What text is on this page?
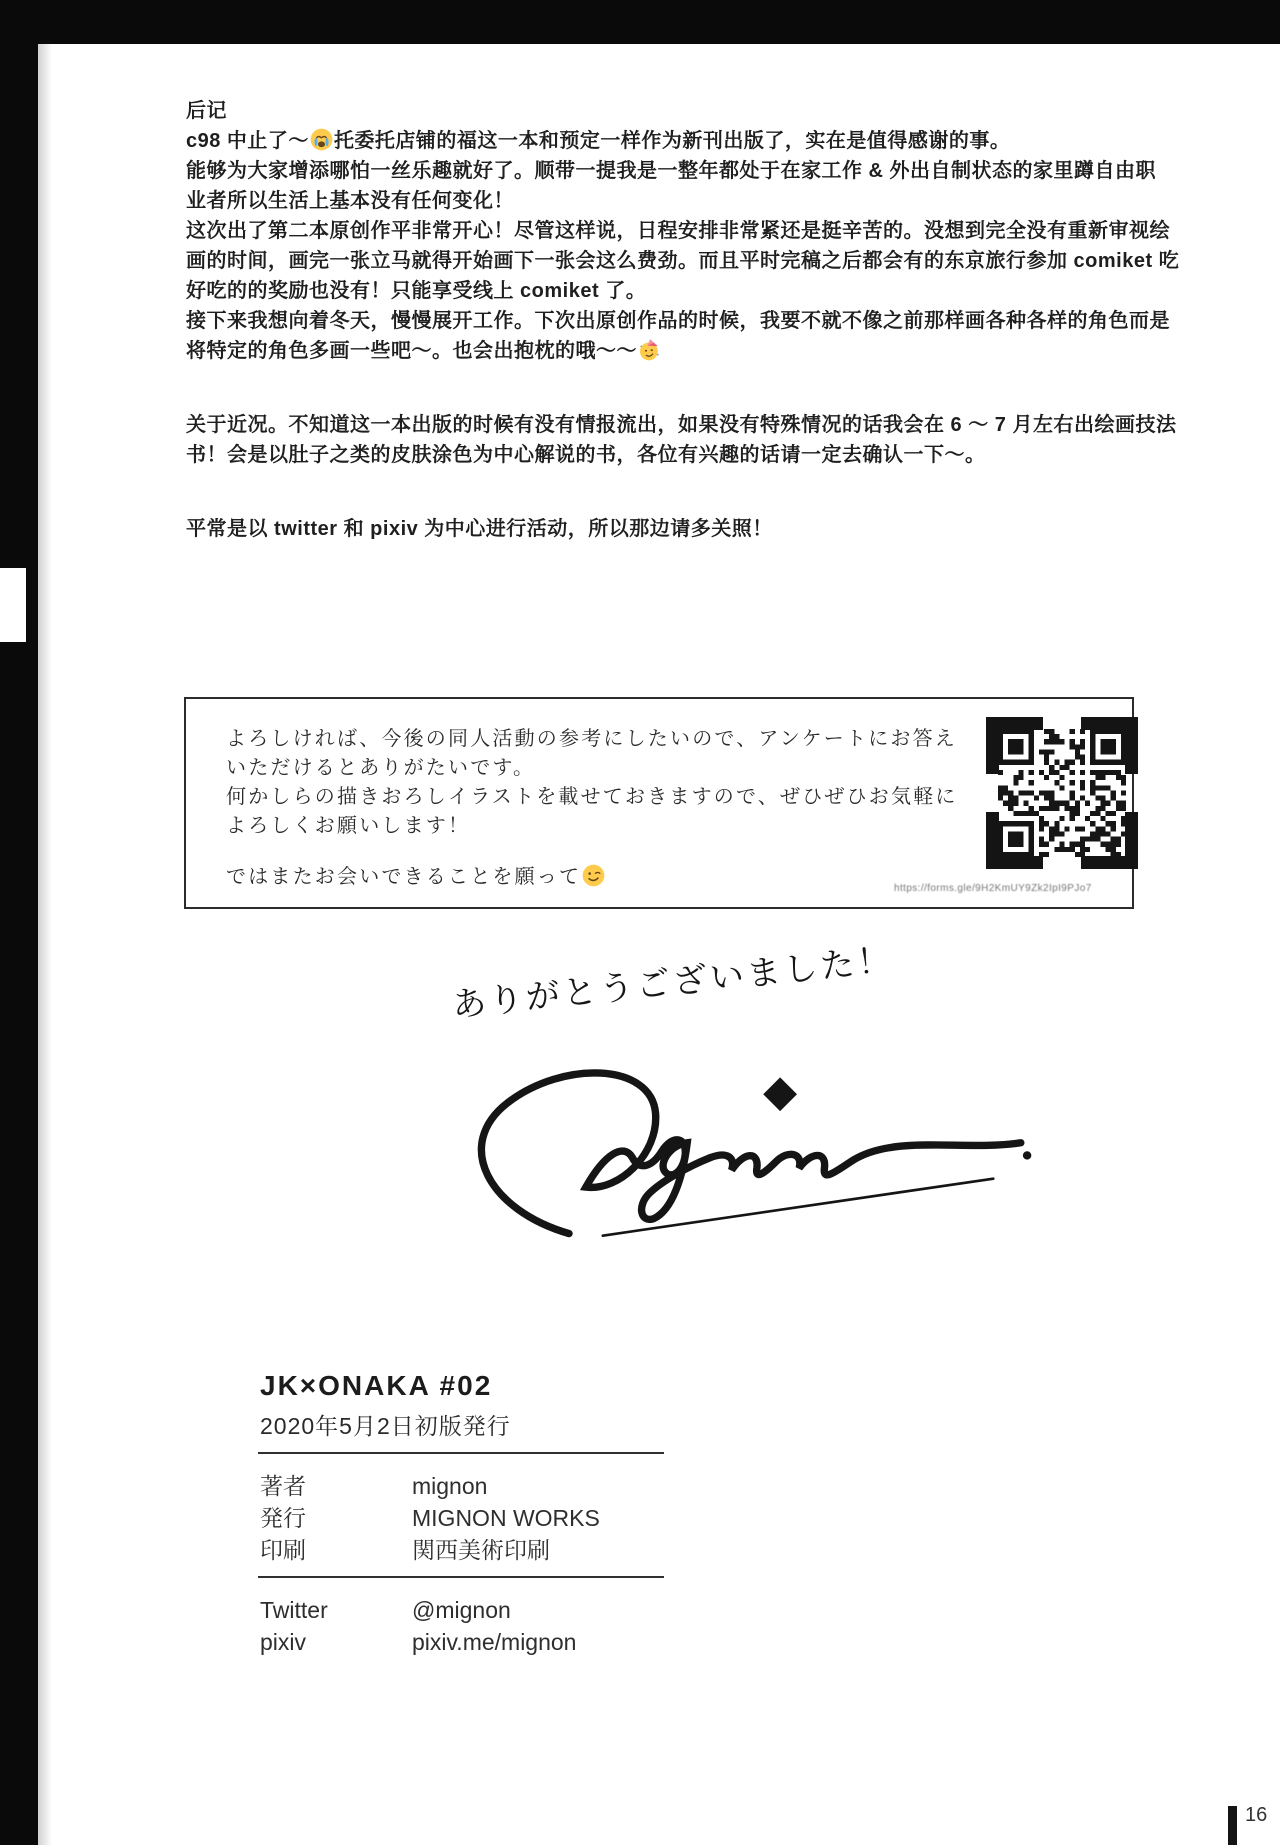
后记
c98 中止了～ 托委托店铺的福这一本和预定一样作为新刊出版了，实在是值得感谢的事。
能够为大家增添哪怕一丝乐趣就好了。顺带一提我是一整年都处于在家工作 & 外出自制状态的家里蹲自由职
业者所以生活上基本没有任何变化！
这次出了第二本原创作平非常开心！尽管这样说，日程安排非常紧还是挺辛苦的。没想到完全没有重新审视绘
画的时间，画完一张立马就得开始画下一张会这么费劲。而且平时完稿之后都会有的东京旅行参加 comiket 吃
好吃的的奖励也没有！只能享受线上 comiket 了。
接下来我想向着冬天，慢慢展开工作。下次出原创作品的时候，我要不就不像之前那样画各种各样的角色而是
将特定的角色多画一些吧～。也会出抱枕的哦～～
关于近况。不知道这一本出版的时候有没有情报流出，如果没有特殊情况的话我会在 6 ～ 7 月左右出绘画技法
书！会是以肚子之类的皮肤涂色为中心解说的书，各位有兴趣的话请一定去确认一下～。
平常是以 twitter 和 pixiv 为中心进行活动，所以那边请多关照！
よろしければ、今後の同人活動の参考にしたいので、アンケートにお答え
いただけるとありがたいです。
何かしらの描きおろしイラストを載せておきますので、ぜひぜひお気軽に
よろしくお願いします！
ではまたお会いできることを願って
https://forms.gle/9H2KmUY9Zk2IpI9PJo7
ありがとうございました！
JK×ONAKA #02
2020年5月2日初版発行
著者	mignon
発行	MIGNON WORKS
印刷	関西美術印刷
Twitter	@mignon
pixiv	pixiv.me/mignon
16
